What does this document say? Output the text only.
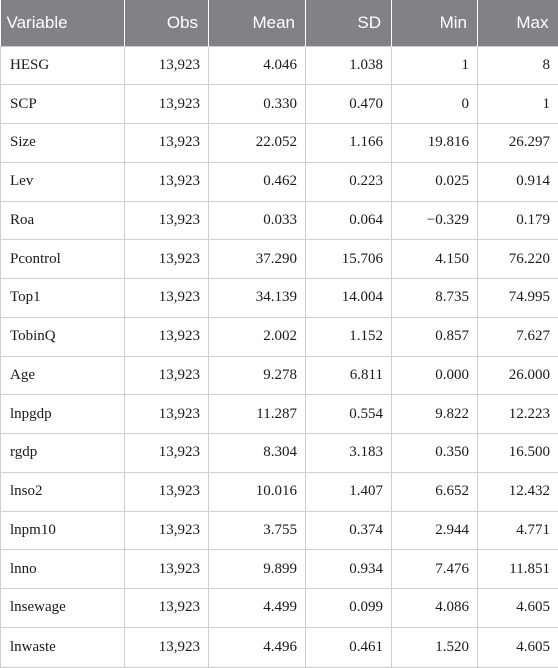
Variable	Obs	Mean	SD	Min	Max
HESG	13,923	4.046	1.038	1	8
SCP	13,923	0.330	0.470	0	1
Size	13,923	22.052	1.166	19.816	26.297
Lev	13,923	0.462	0.223	0.025	0.914
Roa	13,923	0.033	0.064	−0.329	0.179
Pcontrol	13,923	37.290	15.706	4.150	76.220
Top1	13,923	34.139	14.004	8.735	74.995
TobinQ	13,923	2.002	1.152	0.857	7.627
Age	13,923	9.278	6.811	0.000	26.000
lnpgdp	13,923	11.287	0.554	9.822	12.223
rgdp	13,923	8.304	3.183	0.350	16.500
lnso2	13,923	10.016	1.407	6.652	12.432
lnpm10	13,923	3.755	0.374	2.944	4.771
lnno	13,923	9.899	0.934	7.476	11.851
lnsewage	13,923	4.499	0.099	4.086	4.605
lnwaste	13,923	4.496	0.461	1.520	4.605
